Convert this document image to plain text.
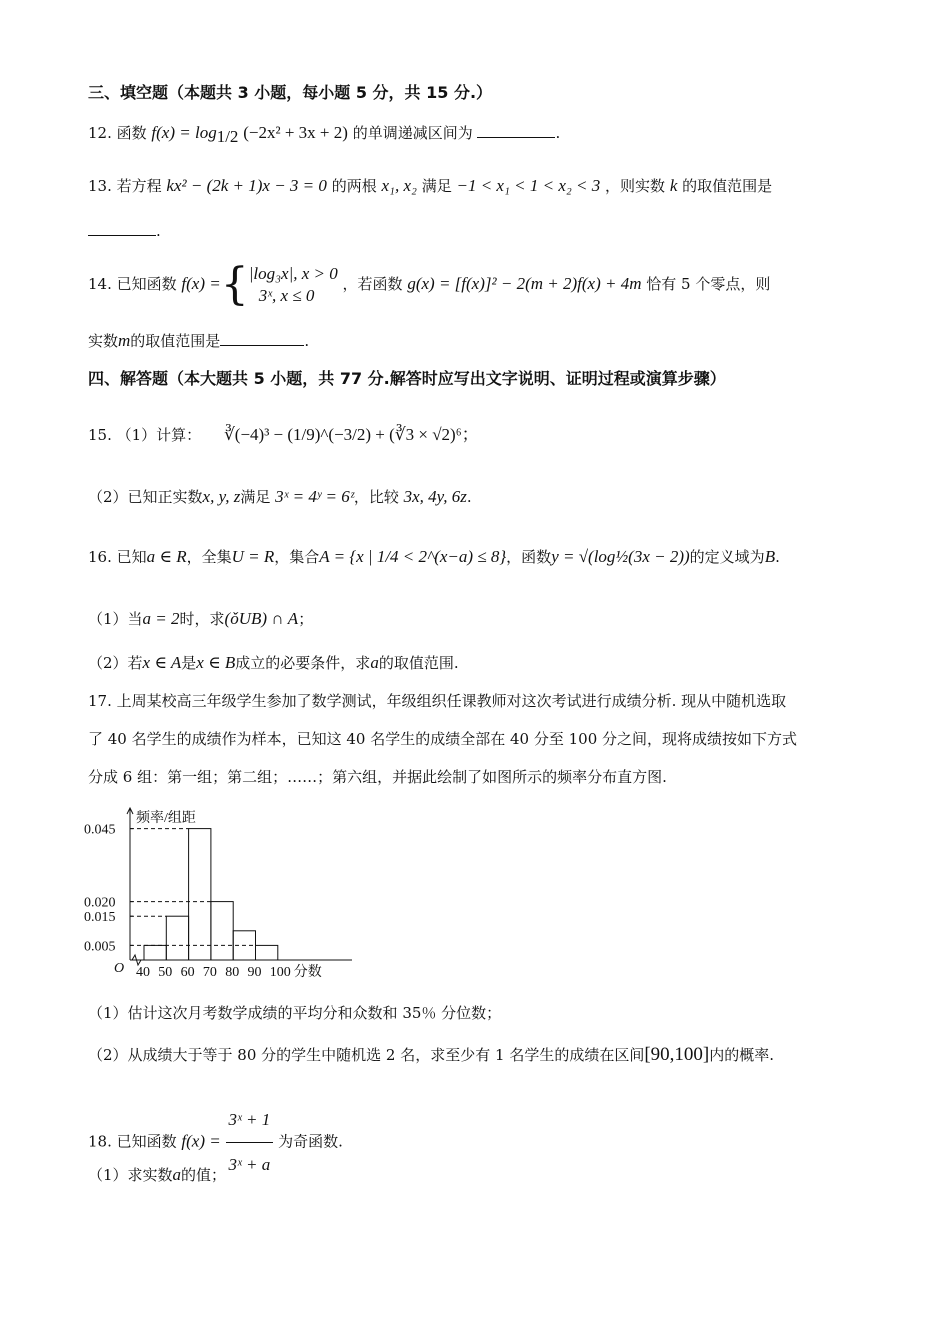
三、填空题（本题共 3 小题，每小题 5 分，共 15 分.）
12. 函数 $f(x) = \log_{1/2} (-2x^2 + 3x + 2)$ 的单调递减区间为	.
13. 若方程 kx² − (2k + 1)x − 3 = 0 的两根 x₁, x₂ 满足 −1 < x₁ < 1 < x₂ < 3 ，则实数 k 的取值范围是
.
14. 已知函数 f(x) ={ |log₃x|, x > 0
3ˣ, x ≤ 0
，若函数 g(x) = [f(x)]² − 2(m + 2)f(x) + 4m 恰有 5 个零点，则
实数m的取值范围是	.
四、解答题（本大题共 5 小题，共 77 分.解答时应写出文字说明、证明过程或演算步骤）
15. （1）计算： ∛(−4)³ − (1/9)^(−3/2) + (∛3 × √2)⁶；
（2）已知正实数x, y, z满足 3ˣ = 4ʸ = 6ᶻ，比较 3x, 4y, 6z.
16. 已知a ∈ R，全集U = R，集合A = {x | 1/4 < 2^(x−a) ≤ 8}，函数y = √(log½(3x − 2))的定义域为B.
（1）当a = 2时，求(ǒUB) ∩ A；
（2）若x ∈ A是x ∈ B成立的必要条件，求a的取值范围.
17. 上周某校高三年级学生参加了数学测试，年级组织任课教师对这次考试进行成绩分析. 现从中随机选取
了 40 名学生的成绩作为样本，已知这 40 名学生的成绩全部在 40 分至 100 分之间，现将成绩按如下方式
分成 6 组：第一组；第二组；……；第六组，并据此绘制了如图所示的频率分布直方图.
频率/组距
O
0.005
0.015
0.020
0.045
40 50 60 70 80 90 100 分数
（1）估计这次月考数学成绩的平均分和众数和 35％ 分位数；
（2）从成绩大于等于 80 分的学生中随机选 2 名，求至少有 1 名学生的成绩在区间[90,100]内的概率.
18. 已知函数 $f(x) = \frac{\text{3ˣ + 1}}{\text{3ˣ + a}}$ 为奇函数.
（1）求实数a的值；
